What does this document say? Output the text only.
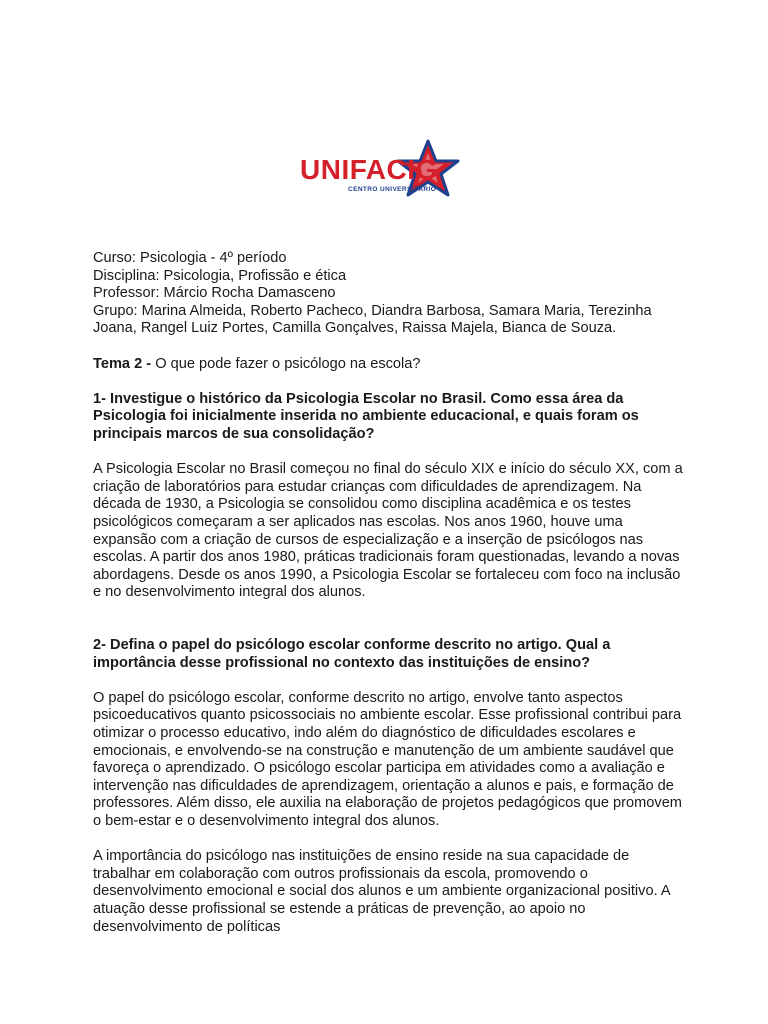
UNIFACIG
CENTRO UNIVERSITÁRIO

Curso: Psicologia - 4º período

Disciplina: Psicologia, Profissão e ética

Professor: Márcio Rocha Damasceno

Grupo: Marina Almeida, Roberto Pacheco, Diandra Barbosa, Samara Maria, Terezinha Joana, Rangel Luiz Portes, Camilla Gonçalves, Raissa Majela, Bianca de Souza.

Tema 2 - O que pode fazer o psicólogo na escola?

1- Investigue o histórico da Psicologia Escolar no Brasil. Como essa área da Psicologia foi inicialmente inserida no ambiente educacional, e quais foram os principais marcos de sua consolidação?

A Psicologia Escolar no Brasil começou no final do século XIX e início do século XX, com a criação de laboratórios para estudar crianças com dificuldades de aprendizagem. Na década de 1930, a Psicologia se consolidou como disciplina acadêmica e os testes psicológicos começaram a ser aplicados nas escolas. Nos anos 1960, houve uma expansão com a criação de cursos de especialização e a inserção de psicólogos nas escolas. A partir dos anos 1980, práticas tradicionais foram questionadas, levando a novas abordagens. Desde os anos 1990, a Psicologia Escolar se fortaleceu com foco na inclusão e no desenvolvimento integral dos alunos.

2- Defina o papel do psicólogo escolar conforme descrito no artigo. Qual a importância desse profissional no contexto das instituições de ensino?

O papel do psicólogo escolar, conforme descrito no artigo, envolve tanto aspectos psicoeducativos quanto psicossociais no ambiente escolar. Esse profissional contribui para otimizar o processo educativo, indo além do diagnóstico de dificuldades escolares e emocionais, e envolvendo-se na construção e manutenção de um ambiente saudável que favoreça o aprendizado. O psicólogo escolar participa em atividades como a avaliação e intervenção nas dificuldades de aprendizagem, orientação a alunos e pais, e formação de professores. Além disso, ele auxilia na elaboração de projetos pedagógicos que promovem o bem-estar e o desenvolvimento integral dos alunos.

A importância do psicólogo nas instituições de ensino reside na sua capacidade de trabalhar em colaboração com outros profissionais da escola, promovendo o desenvolvimento emocional e social dos alunos e um ambiente organizacional positivo. A atuação desse profissional se estende a práticas de prevenção, ao apoio no desenvolvimento de políticas
